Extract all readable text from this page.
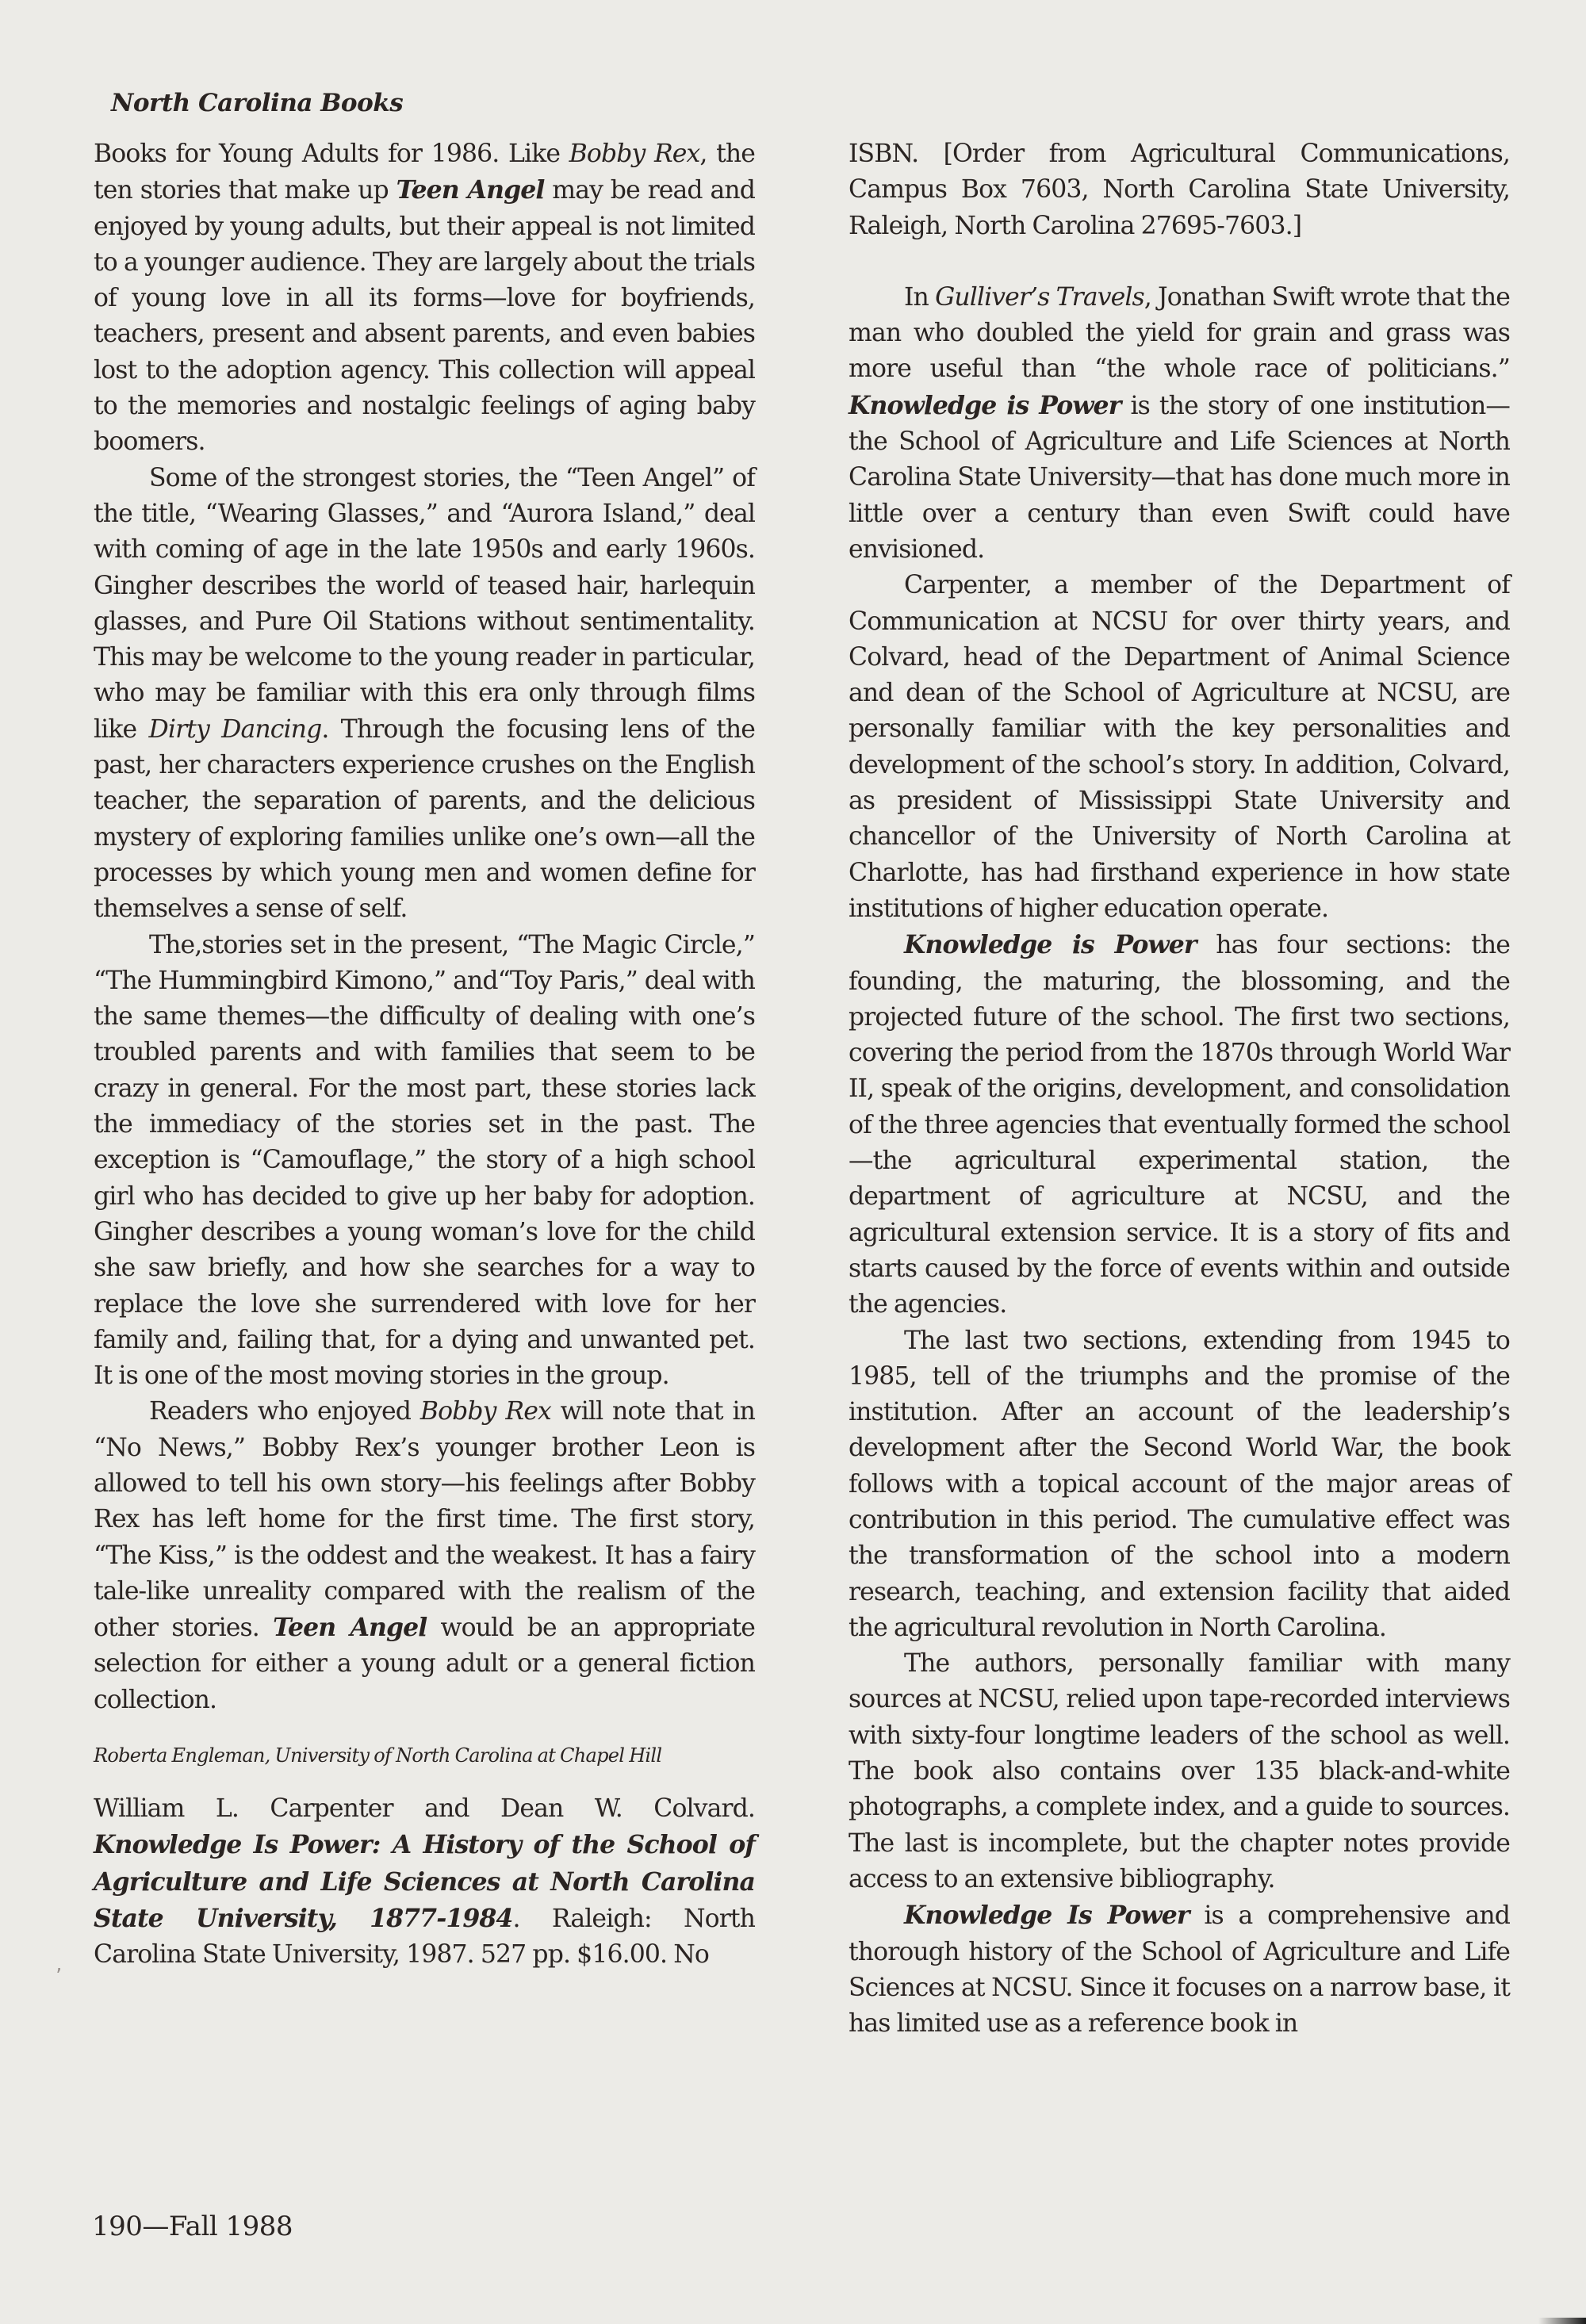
North Carolina Books

Books for Young Adults for 1986. Like Bobby Rex, the ten stories that make up Teen Angel may be read and enjoyed by young adults, but their appeal is not limited to a younger audience. They are largely about the trials of young love in all its forms—love for boyfriends, teachers, present and absent parents, and even babies lost to the adoption agency. This collection will appeal to the memories and nostalgic feelings of aging baby boomers.

Some of the strongest stories, the “Teen Angel” of the title, “Wearing Glasses,” and “Aurora Island,” deal with coming of age in the late 1950s and early 1960s. Gingher describes the world of teased hair, harlequin glasses, and Pure Oil Stations without sentimentality. This may be welcome to the young reader in particular, who may be familiar with this era only through films like Dirty Dancing. Through the focusing lens of the past, her characters experience crushes on the English teacher, the separation of parents, and the delicious mystery of exploring families unlike one’s own—all the processes by which young men and women define for themselves a sense of self.

The,stories set in the present, “The Magic Circle,” “The Hummingbird Kimono,” and“Toy Paris,” deal with the same themes—the difficulty of dealing with one’s troubled parents and with families that seem to be crazy in general. For the most part, these stories lack the immediacy of the stories set in the past. The exception is “Camouflage,” the story of a high school girl who has decided to give up her baby for adoption. Gingher describes a young woman’s love for the child she saw briefly, and how she searches for a way to replace the love she surrendered with love for her family and, failing that, for a dying and unwanted pet. It is one of the most moving stories in the group.

Readers who enjoyed Bobby Rex will note that in “No News,” Bobby Rex’s younger brother Leon is allowed to tell his own story—his feelings after Bobby Rex has left home for the first time. The first story, “The Kiss,” is the oddest and the weakest. It has a fairy tale-like unreality compared with the realism of the other stories. Teen Angel would be an appropriate selection for either a young adult or a general fiction collection.

Roberta Engleman, University of North Carolina at Chapel Hill

William L. Carpenter and Dean W. Colvard. Knowledge Is Power: A History of the School of Agriculture and Life Sciences at North Carolina State University, 1877-1984. Raleigh: North Carolina State University, 1987. 527 pp. $16.00. No

ISBN. [Order from Agricultural Communications, Campus Box 7603, North Carolina State University, Raleigh, North Carolina 27695-7603.]

In Gulliver’s Travels, Jonathan Swift wrote that the man who doubled the yield for grain and grass was more useful than “the whole race of politicians.” Knowledge is Power is the story of one institution—the School of Agriculture and Life Sciences at North Carolina State University—that has done much more in little over a century than even Swift could have envisioned.

Carpenter, a member of the Department of Communication at NCSU for over thirty years, and Colvard, head of the Department of Animal Science and dean of the School of Agriculture at NCSU, are personally familiar with the key personalities and development of the school’s story. In addition, Colvard, as president of Mississippi State University and chancellor of the University of North Carolina at Charlotte, has had firsthand experience in how state institutions of higher education operate.

Knowledge is Power has four sections: the founding, the maturing, the blossoming, and the projected future of the school. The first two sections, covering the period from the 1870s through World War II, speak of the origins, development, and consolidation of the three agencies that eventually formed the school—the agricultural experimental station, the department of agriculture at NCSU, and the agricultural extension service. It is a story of fits and starts caused by the force of events within and outside the agencies.

The last two sections, extending from 1945 to 1985, tell of the triumphs and the promise of the institution. After an account of the leadership’s development after the Second World War, the book follows with a topical account of the major areas of contribution in this period. The cumulative effect was the transformation of the school into a modern research, teaching, and extension facility that aided the agricultural revolution in North Carolina.

The authors, personally familiar with many sources at NCSU, relied upon tape-recorded interviews with sixty-four longtime leaders of the school as well. The book also contains over 135 black-and-white photographs, a complete index, and a guide to sources. The last is incomplete, but the chapter notes provide access to an extensive bibliography.

Knowledge Is Power is a comprehensive and thorough history of the School of Agriculture and Life Sciences at NCSU. Since it focuses on a narrow base, it has limited use as a reference book in

ʼ​
190—Fall 1988
